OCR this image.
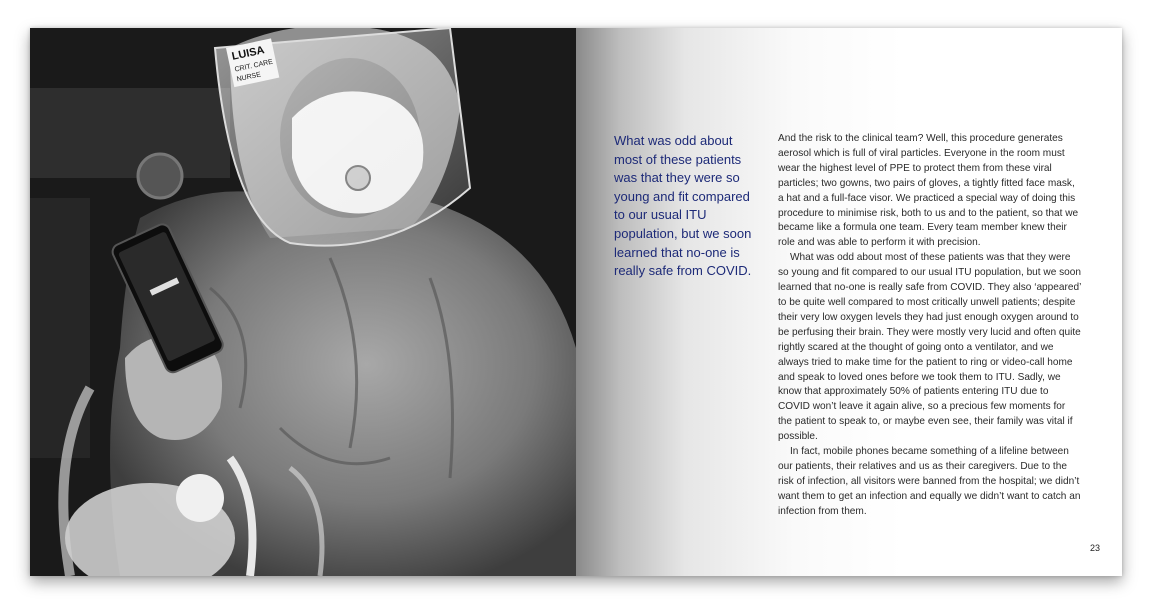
LUISA
CRIT. CARE
NURSE
What was odd about most of these patients was that they were so young and fit compared to our usual ITU population, but we soon learned that no-one is really safe from COVID.

And the risk to the clinical team? Well, this procedure generates aerosol which is full of viral particles. Everyone in the room must wear the highest level of PPE to protect them from these viral particles; two gowns, two pairs of gloves, a tightly fitted face mask, a hat and a full-face visor. We practiced a special way of doing this procedure to minimise risk, both to us and to the patient, so that we became like a formula one team. Every team member knew their role and was able to perform it with precision.

What was odd about most of these patients was that they were so young and fit compared to our usual ITU population, but we soon learned that no-one is really safe from COVID. They also ‘appeared’ to be quite well compared to most critically unwell patients; despite their very low oxygen levels they had just enough oxygen around to be perfusing their brain. They were mostly very lucid and often quite rightly scared at the thought of going onto a ventilator, and we always tried to make time for the patient to ring or video-call home and speak to loved ones before we took them to ITU. Sadly, we know that approximately 50% of patients entering ITU due to COVID won’t leave it again alive, so a precious few moments for the patient to speak to, or maybe even see, their family was vital if possible.

In fact, mobile phones became something of a lifeline between our patients, their relatives and us as their caregivers. Due to the risk of infection, all visitors were banned from the hospital; we didn’t want them to get an infection and equally we didn’t want to catch an infection from them.

23
